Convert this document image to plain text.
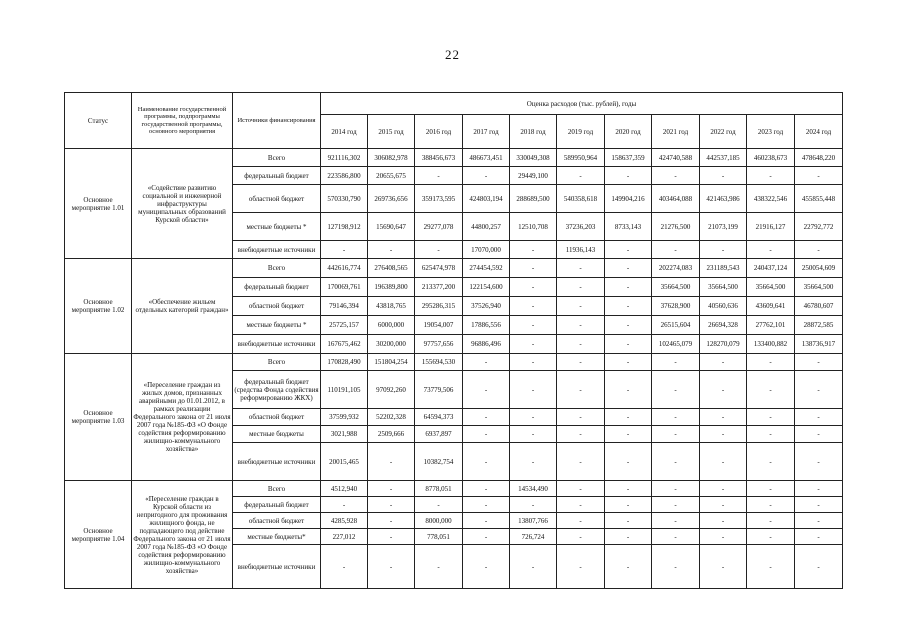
22
Статус	Наименование государственной программы, подпрограммы государственной программы, основного мероприятия	Источники финансирования	Оценка расходов (тыс. рублей), годы										
			2014 год	2015 год	2016 год	2017 год	2018 год	2019 год	2020 год	2021 год	2022 год	2023 год	2024 год
Основное мероприятие 1.01	«Содействие развитию социальной и инженерной инфраструктуры муниципальных образований Курской области»	Всего	921116,302	306082,978	388456,673	486673,451	330049,308	589950,964	158637,359	424740,588	442537,185	460238,673	478648,220
		федеральный бюджет	223586,800	20655,675	-	-	29449,100	-	-	-	-	-	-
		областной бюджет	570330,790	269736,656	359173,595	424803,194	288689,500	540358,618	149904,216	403464,088	421463,986	438322,546	455855,448
		местные бюджеты *	127198,912	15690,647	29277,078	44800,257	12510,708	37236,203	8733,143	21276,500	21073,199	21916,127	22792,772
		внебюджетные источники	-	-	-	17070,000	-	11936,143	-	-	-	-	-
Основное мероприятие 1.02	«Обеспечение жильем отдельных категорий граждан»	Всего	442616,774	276408,565	625474,978	274454,592	-	-	-	202274,083	231189,543	240437,124	250054,609
		федеральный бюджет	170069,761	196389,800	213377,200	122154,600	-	-	-	35664,500	35664,500	35664,500	35664,500
		областной бюджет	79146,394	43818,765	295286,315	37526,940	-	-	-	37628,900	40560,636	43609,641	46780,607
		местные бюджеты *	25725,157	6000,000	19054,007	17886,556	-	-	-	26515,604	26694,328	27762,101	28872,585
		внебюджетные источники	167675,462	30200,000	97757,656	96886,496	-	-	-	102465,079	128270,079	133400,882	138736,917
Основное мероприятие 1.03	«Переселение граждан из жилых домов, признанных аварийными до 01.01.2012, в рамках реализации Федерального закона от 21 июля 2007 года №185-ФЗ «О Фонде содействия реформированию жилищно-коммунального хозяйства»	Всего	170828,490	151804,254	155694,530	-	-	-	-	-	-	-	-
		федеральный бюджет (средства Фонда содействия реформированию ЖКХ)	110191,105	97092,260	73779,506	-	-	-	-	-	-	-	-
		областной бюджет	37599,932	52202,328	64594,373	-	-	-	-	-	-	-	-
		местные бюджеты	3021,988	2509,666	6937,897	-	-	-	-	-	-	-	-
		внебюджетные источники	20015,465	-	10382,754	-	-	-	-	-	-	-	-
Основное мероприятие 1.04	«Переселение граждан в Курской области из непригодного для проживания жилищного фонда, не подпадающего под действие Федерального закона от 21 июля 2007 года №185-ФЗ «О Фонде содействия реформированию жилищно-коммунального хозяйства»	Всего	4512,940	-	8778,051	-	14534,490	-	-	-	-	-	-
		федеральный бюджет	-	-	-	-	-	-	-	-	-	-	-
		областной бюджет	4285,928	-	8000,000	-	13807,766	-	-	-	-	-	-
		местные бюджеты*	227,012	-	778,051	-	726,724	-	-	-	-	-	-
		внебюджетные источники	-	-	-	-	-	-	-	-	-	-	-
